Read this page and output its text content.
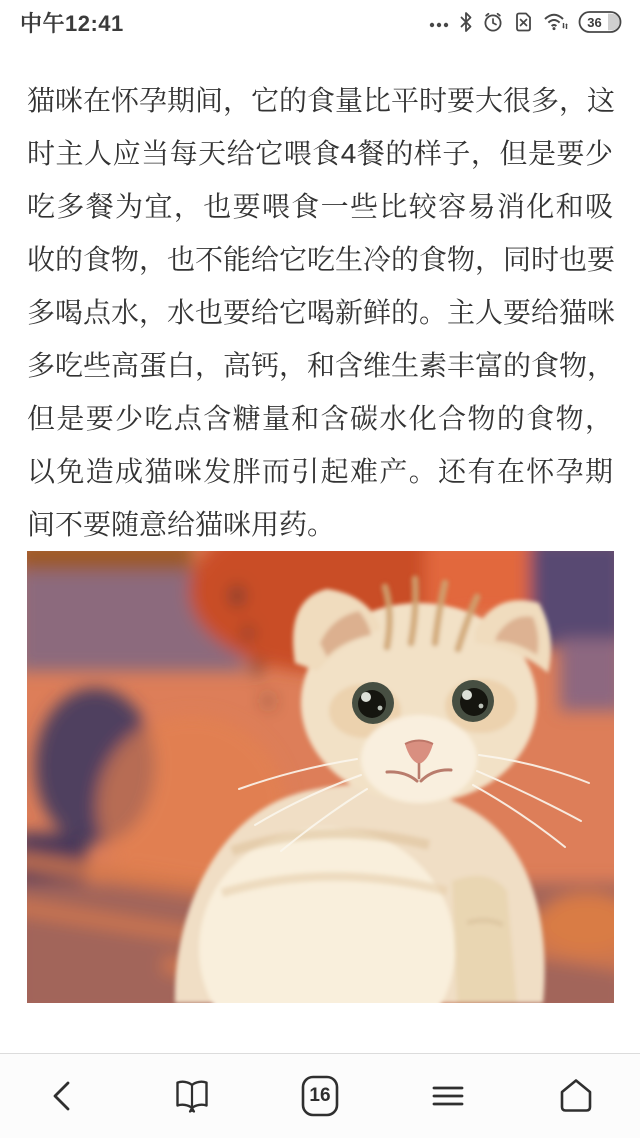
中午12:41	36
猫咪在怀孕期间，它的食量比平时要大很多，这
时主人应当每天给它喂食4餐的样子，但是要少
吃多餐为宜，也要喂食一些比较容易消化和吸
收的食物，也不能给它吃生冷的食物，同时也要
多喝点水，水也要给它喝新鲜的。主人要给猫咪
多吃些高蛋白，高钙，和含维生素丰富的食物，
但是要少吃点含糖量和含碳水化合物的食物，
以免造成猫咪发胖而引起难产。还有在怀孕期
间不要随意给猫咪用药。
16
